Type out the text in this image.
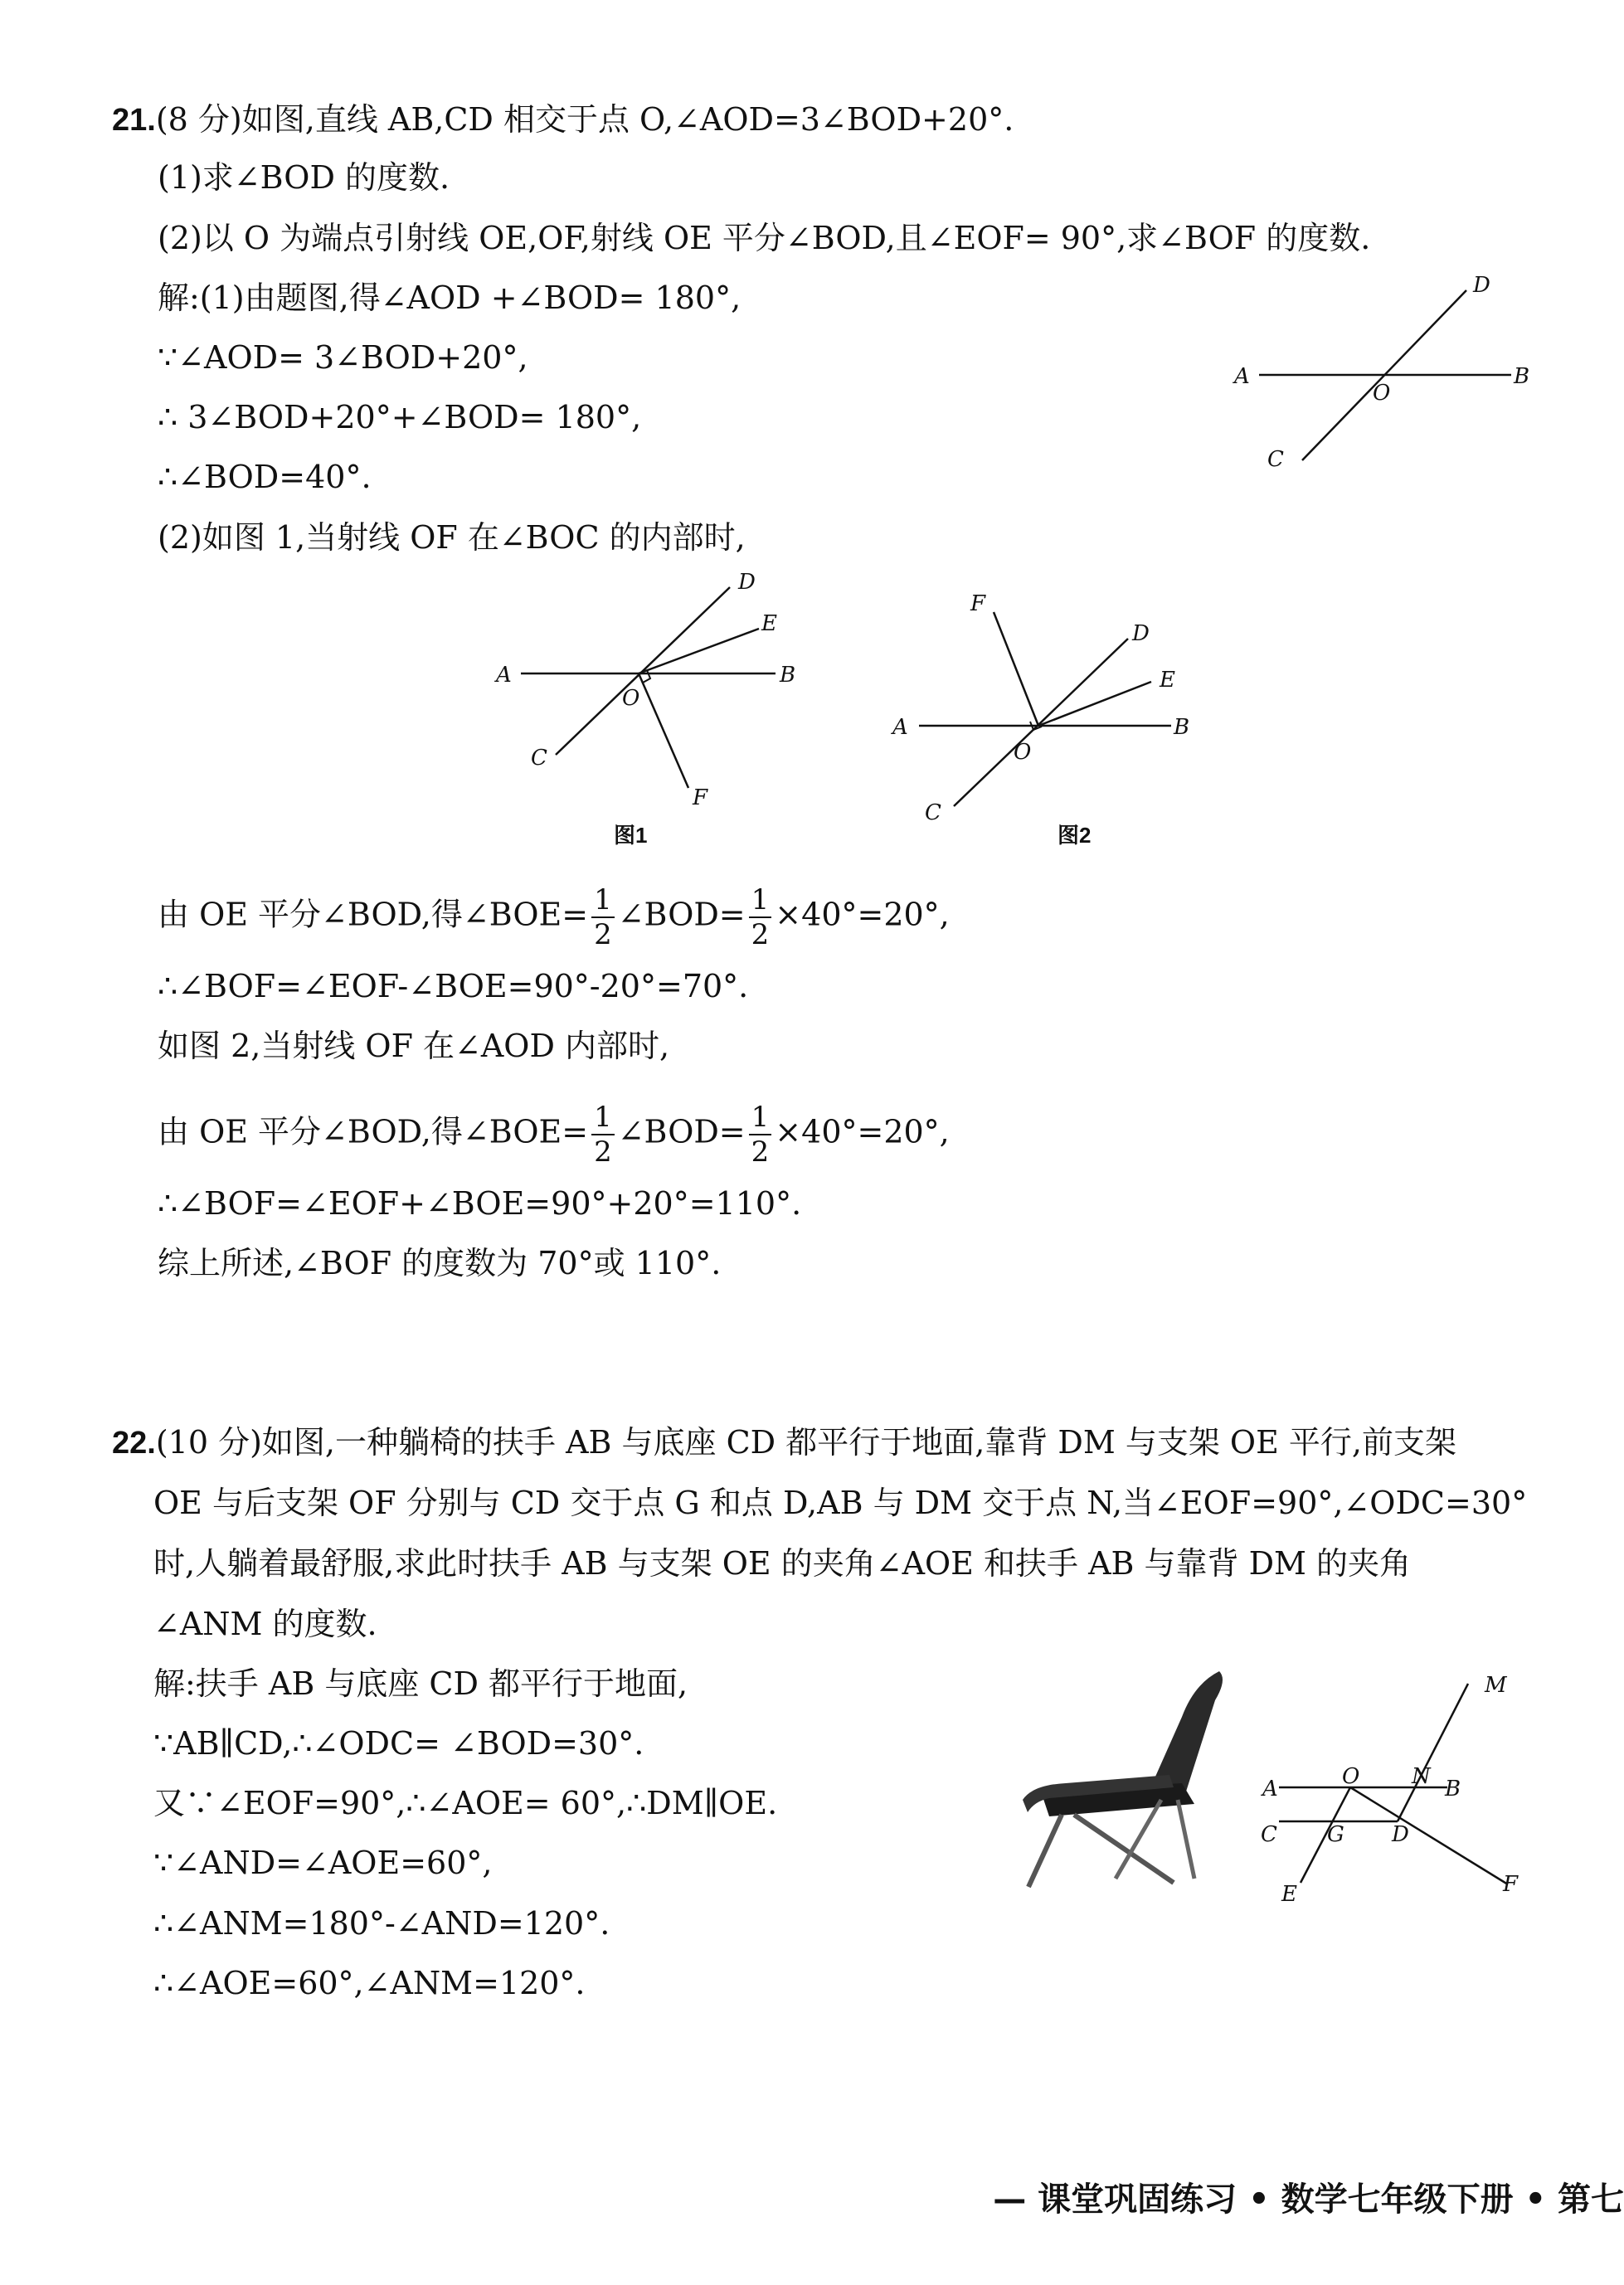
21.(8 分)如图,直线 AB,CD 相交于点 O,∠AOD=3∠BOD+20°.
(1)求∠BOD 的度数.
(2)以 O 为端点引射线 OE,OF,射线 OE 平分∠BOD,且∠EOF= 90°,求∠BOF 的度数.
解:(1)由题图,得∠AOD +∠BOD= 180°,
∵∠AOD= 3∠BOD+20°,
∴ 3∠BOD+20°+∠BOD= 180°,
∴∠BOD=40°.
(2)如图 1,当射线 OF 在∠BOC 的内部时,
A	B
C
D
O
A	B
C
D
E
F
O
图1
A	B
C
D
E
F
O
图2
由 OE 平分∠BOD,得∠BOE= $\frac{1}{2}$ ∠BOD= $\frac{1}{2} \times 40^\circ=20^\circ$,
∴∠BOF=∠EOF-∠BOE=90°-20°=70°.
如图 2,当射线 OF 在∠AOD 内部时,
由 OE 平分∠BOD,得∠BOE= $\frac{1}{2}$ ∠BOD= $\frac{1}{2} \times 40^\circ=20^\circ$,
∴∠BOF=∠EOF+∠BOE=90°+20°=110°.
综上所述,∠BOF 的度数为 70°或 110°.
22.(10 分)如图,一种躺椅的扶手 AB 与底座 CD 都平行于地面,靠背 DM 与支架 OE 平行,前支架
OE 与后支架 OF 分别与 CD 交于点 G 和点 D,AB 与 DM 交于点 N,当∠EOF=90°,∠ODC=30°
时,人躺着最舒服,求此时扶手 AB 与支架 OE 的夹角∠AOE 和扶手 AB 与靠背 DM 的夹角
∠ANM 的度数.
解:扶手 AB 与底座 CD 都平行于地面,
∵AB∥CD,∴∠ODC= ∠BOD=30°.
又∵∠EOF=90°,∴∠AOE= 60°,∴DM∥OE.
∵∠AND=∠AOE=60°,
∴∠ANM=180°-∠AND=120°.
∴∠AOE=60°,∠ANM=120°.
A	B
C	D
E	F
G
M
N
O
— 课堂巩固练习 • 数学七年级下册 • 第七
